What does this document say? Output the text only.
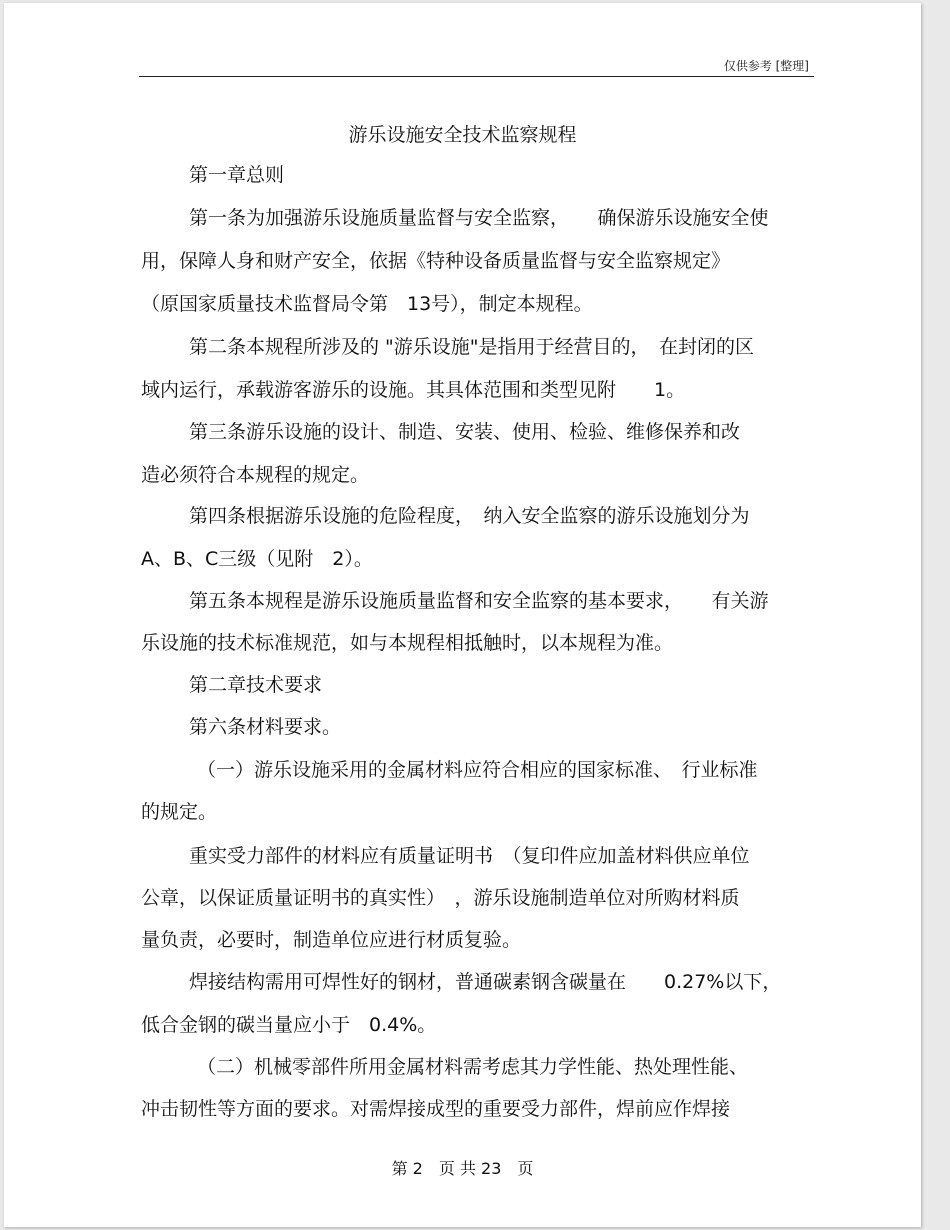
仅供参考 [整理]
游乐设施安全技术监察规程
第一章总则
第一条为加强游乐设施质量监督与安全监察，　　确保游乐设施安全使
用，保障人身和财产安全，依据《特种设备质量监督与安全监察规定》
（原国家质量技术监督局令第　13号），制定本规程。
第二条本规程所涉及的 "游乐设施"是指用于经营目的，　在封闭的区
域内运行，承载游客游乐的设施。其具体范围和类型见附　　1。
第三条游乐设施的设计、制造、安装、使用、检验、维修保养和改
造必须符合本规程的规定。
第四条根据游乐设施的危险程度，　纳入安全监察的游乐设施划分为
A、B、C三级（见附　2）。
第五条本规程是游乐设施质量监督和安全监察的基本要求，　　有关游
乐设施的技术标准规范，如与本规程相抵触时，以本规程为准。
第二章技术要求
第六条材料要求。
（一）游乐设施采用的金属材料应符合相应的国家标准、　行业标准
的规定。
重实受力部件的材料应有质量证明书　（复印件应加盖材料供应单位
公章，以保证质量证明书的真实性）　，游乐设施制造单位对所购材料质
量负责，必要时，制造单位应进行材质复验。
焊接结构需用可焊性好的钢材，普通碳素钢含碳量在　　0.27%以下，
低合金钢的碳当量应小于　0.4%。
（二）机械零部件所用金属材料需考虑其力学性能、热处理性能、
冲击韧性等方面的要求。对需焊接成型的重要受力部件，焊前应作焊接
第 2　页 共 23　页
